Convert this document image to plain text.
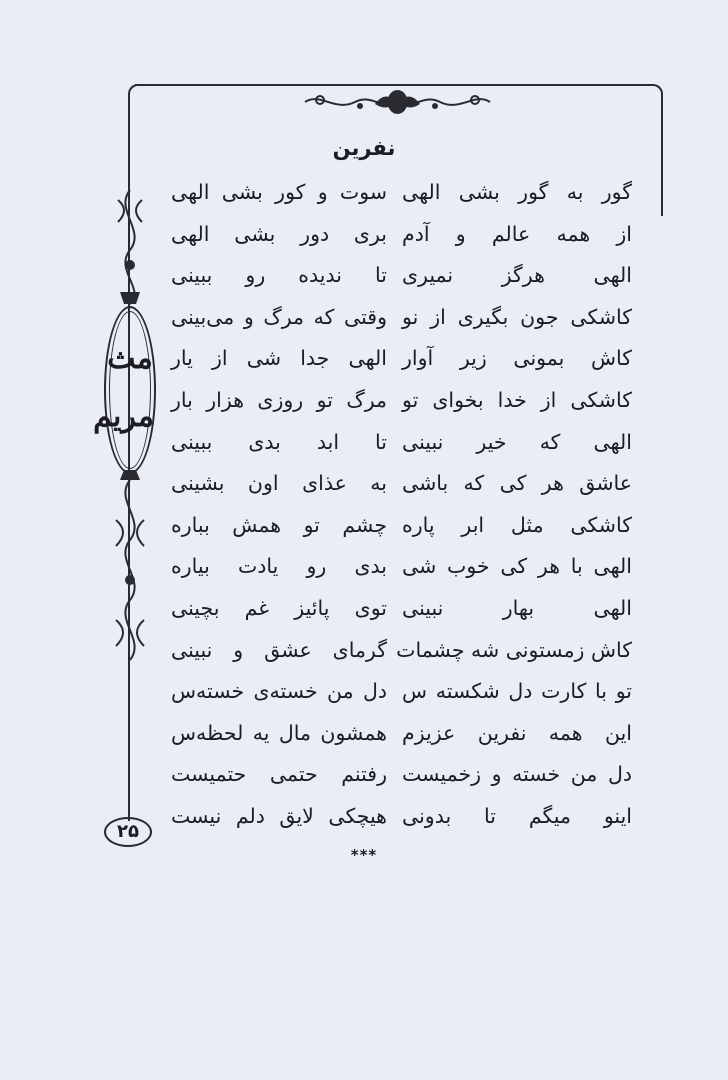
نفرین
گور به گور بشی الهی
سوت و کور بشی الهی
از همه عالم و آدم
بری دور بشی الهی
الهی هرگز نمیری
تا ندیده رو ببینی
کاشکی جون بگیری از نو
وقتی که مرگ و می‌بینی
کاش بمونی زیر آوار
الهی جدا شی از یار
کاشکی از خدا بخوای تو
مرگ تو روزی هزار بار
الهی که خیر نبینی
تا ابد بدی ببینی
عاشق هر کی که باشی
به عذای اون بشینی
کاشکی مثل ابر پاره
چشم تو همش بباره
الهی با هر کی خوب شی
بدی رو یادت بیاره
الهی بهار نبینی
توی پائیز غم بچینی
کاش زمستونی شه چشمات
گرمای عشق و نبینی
تو با کارت دل شکسته س
دل من خسته‌ی خسته‌س
این همه نفرین عزیزم
همشون مال یه لحظه‌س
دل من خسته و زخمیست
رفتنم حتمی حتمیست
اینو میگم تا بدونی
هیچکی لایق دلم نیست
مث
مریم
۲۵
***
